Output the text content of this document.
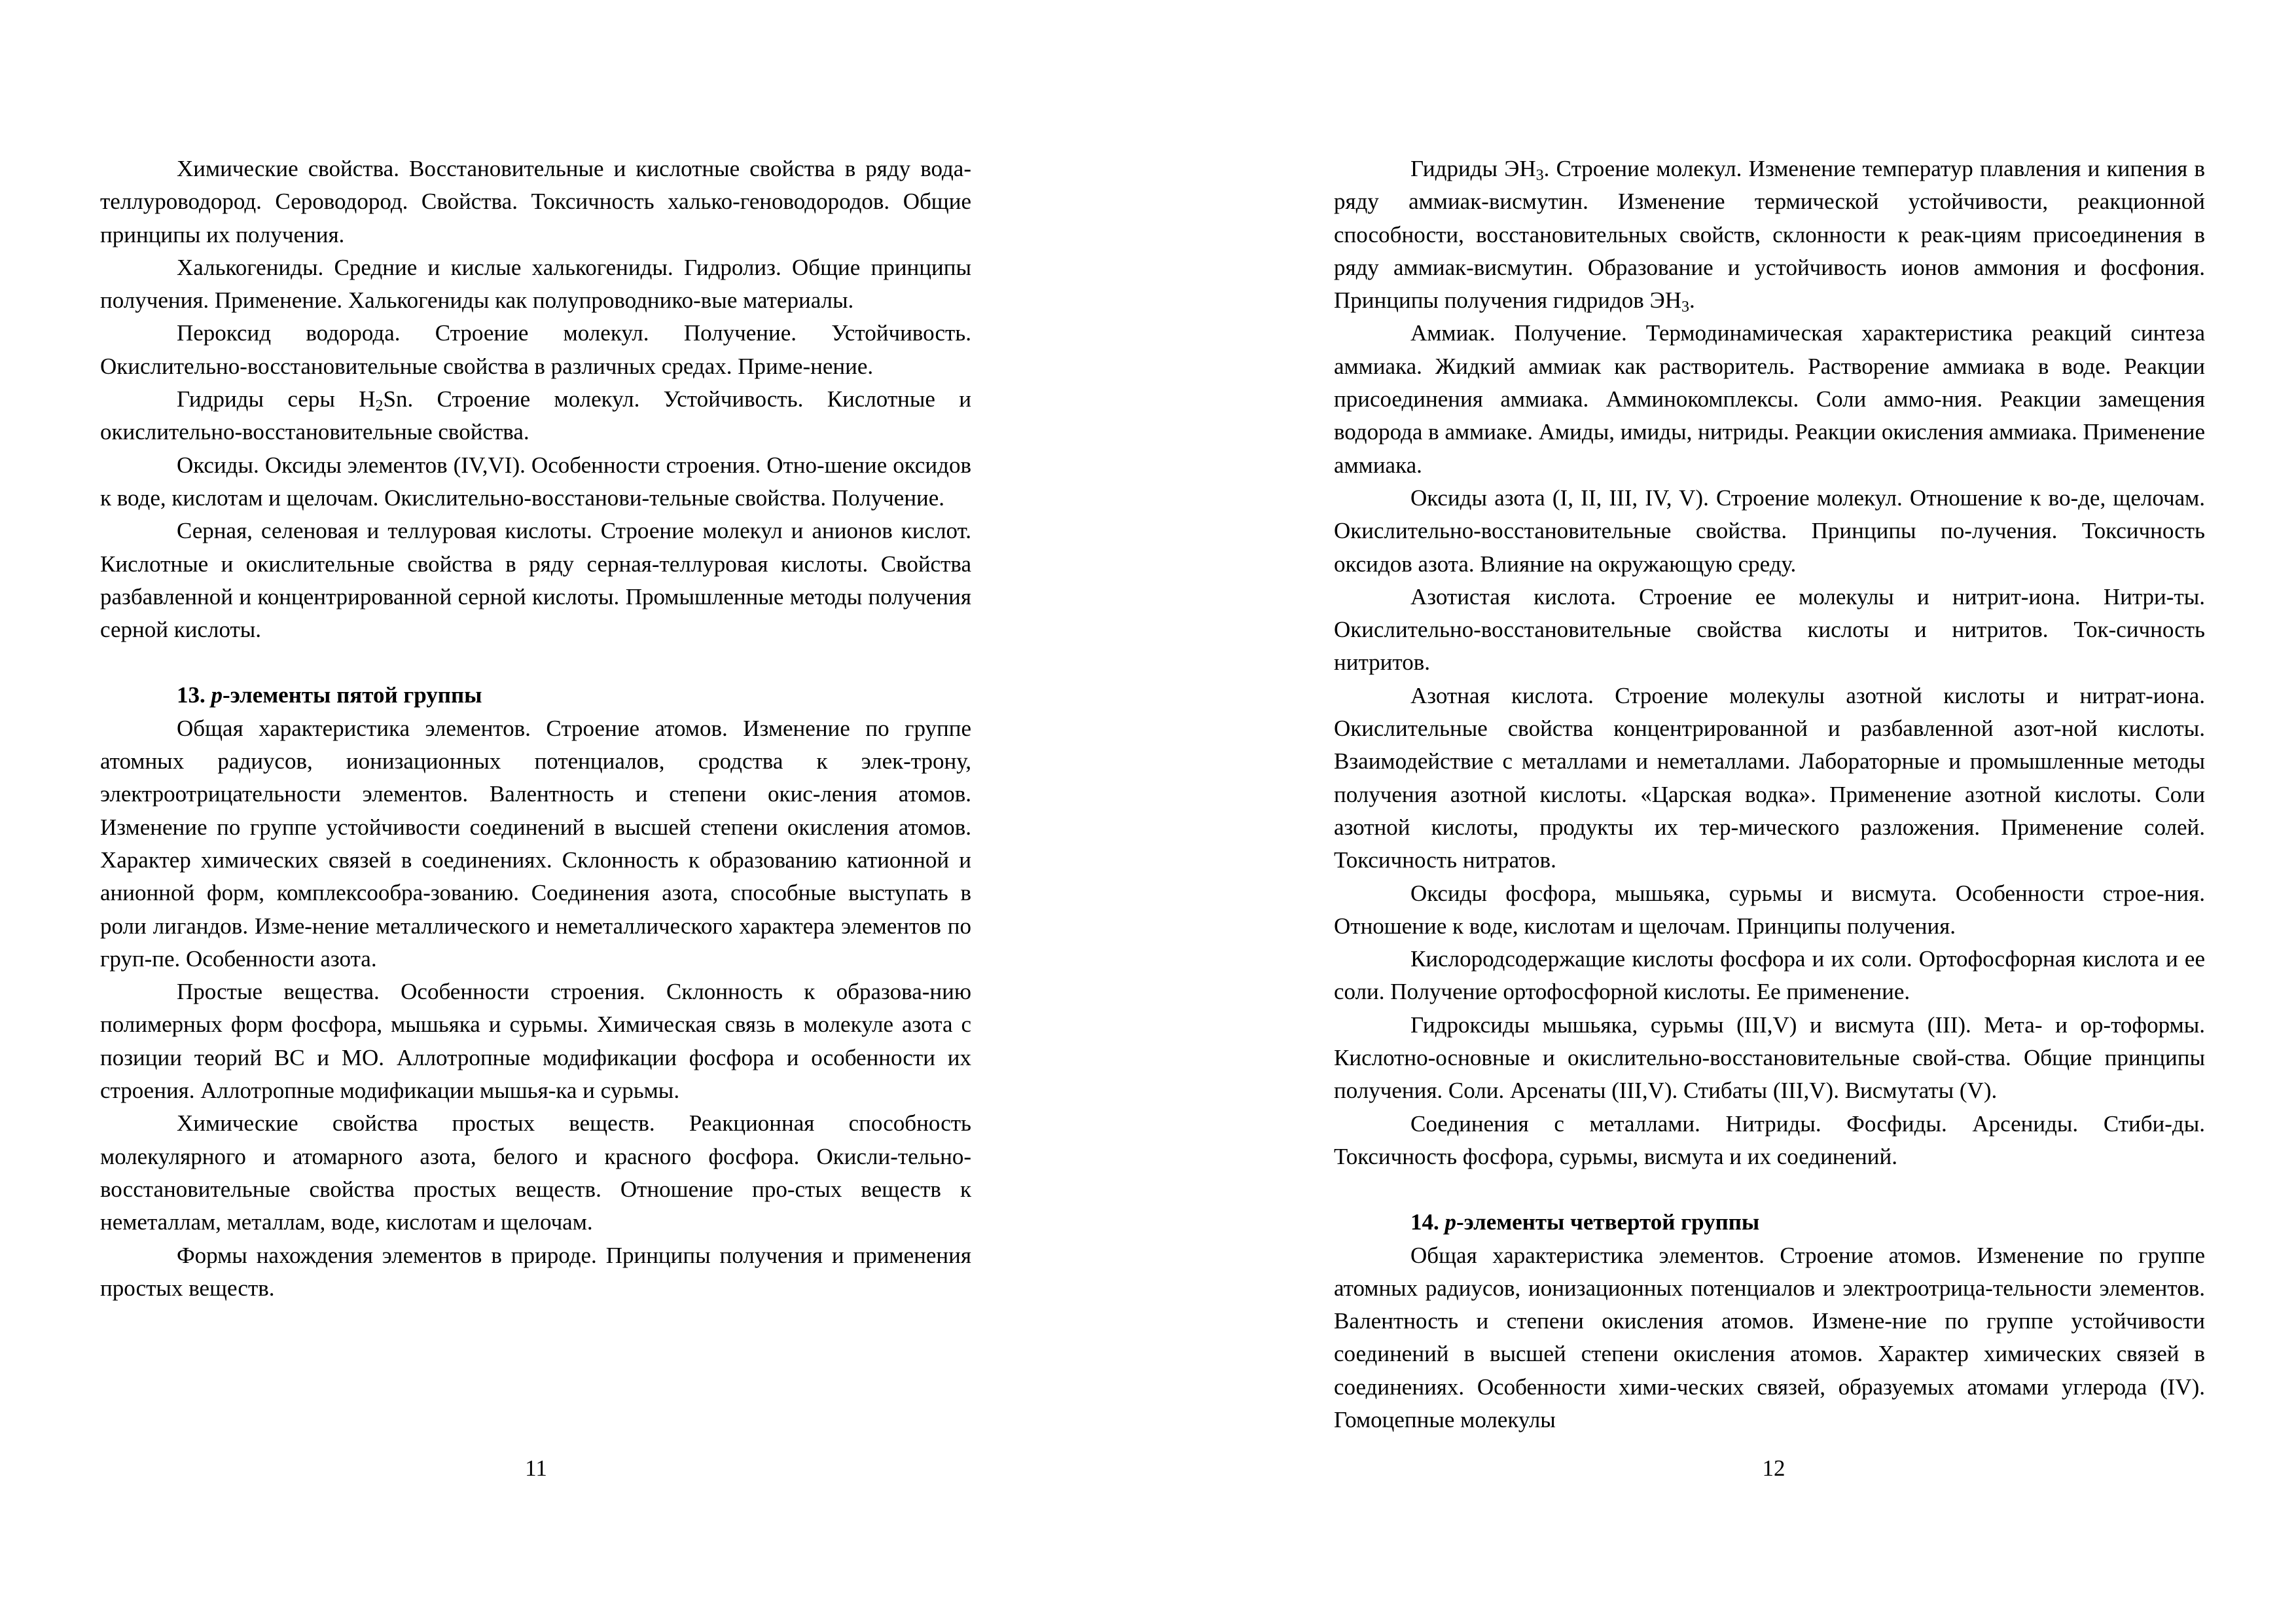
Химические свойства. Восстановительные и кислотные свойства в ряду вода-теллуроводород. Сероводород. Свойства. Токсичность халько-геноводородов. Общие принципы их получения.

Халькогениды. Средние и кислые халькогениды. Гидролиз. Общие принципы получения. Применение. Халькогениды как полупроводнико-вые материалы.

Пероксид водорода. Строение молекул. Получение. Устойчивость. Окислительно-восстановительные свойства в различных средах. Приме-нение.

Гидриды серы $H_2Sn$. Строение молекул. Устойчивость. Кислотные и окислительно-восстановительные свойства.

Оксиды. Оксиды элементов (IV,VI). Особенности строения. Отно-шение оксидов к воде, кислотам и щелочам. Окислительно-восстанови-тельные свойства. Получение.

Серная, селеновая и теллуровая кислоты. Строение молекул и анионов кислот. Кислотные и окислительные свойства в ряду серная-теллуровая кислоты. Свойства разбавленной и концентрированной серной кислоты. Промышленные методы получения серной кислоты.

13. p-элементы пятой группы

Общая характеристика элементов. Строение атомов. Изменение по группе атомных радиусов, ионизационных потенциалов, сродства к элек-трону, электроотрицательности элементов. Валентность и степени окис-ления атомов. Изменение по группе устойчивости соединений в высшей степени окисления атомов. Характер химических связей в соединениях. Склонность к образованию катионной и анионной форм, комплексообра-зованию. Соединения азота, способные выступать в роли лигандов. Изме-нение металлического и неметаллического характера элементов по груп-пе. Особенности азота.

Простые вещества. Особенности строения. Склонность к образова-нию полимерных форм фосфора, мышьяка и сурьмы. Химическая связь в молекуле азота с позиции теорий ВС и МО. Аллотропные модификации фосфора и особенности их строения. Аллотропные модификации мышья-ка и сурьмы.

Химические свойства простых веществ. Реакционная способность молекулярного и атомарного азота, белого и красного фосфора. Окисли-тельно-восстановительные свойства простых веществ. Отношение про-стых веществ к неметаллам, металлам, воде, кислотам и щелочам.

Формы нахождения элементов в природе. Принципы получения и применения простых веществ.

11

Гидриды $ЭН_3$. Строение молекул. Изменение температур плавления и кипения в ряду аммиак-висмутин. Изменение термической устойчивости, реакционной способности, восстановительных свойств, склонности к реак-циям присоединения в ряду аммиак-висмутин. Образование и устойчивость ионов аммония и фосфония. Принципы получения гидридов $ЭН_3$.

Аммиак. Получение. Термодинамическая характеристика реакций синтеза аммиака. Жидкий аммиак как растворитель. Растворение аммиака в воде. Реакции присоединения аммиака. Амминокомплексы. Соли аммо-ния. Реакции замещения водорода в аммиаке. Амиды, имиды, нитриды. Реакции окисления аммиака. Применение аммиака.

Оксиды азота (I, II, III, IV, V). Строение молекул. Отношение к во-де, щелочам. Окислительно-восстановительные свойства. Принципы по-лучения. Токсичность оксидов азота. Влияние на окружающую среду.

Азотистая кислота. Строение ее молекулы и нитрит-иона. Нитри-ты. Окислительно-восстановительные свойства кислоты и нитритов. Ток-сичность нитритов.

Азотная кислота. Строение молекулы азотной кислоты и нитрат-иона. Окислительные свойства концентрированной и разбавленной азот-ной кислоты. Взаимодействие с металлами и неметаллами. Лабораторные и промышленные методы получения азотной кислоты. «Царская водка». Применение азотной кислоты. Соли азотной кислоты, продукты их тер-мического разложения. Применение солей. Токсичность нитратов.

Оксиды фосфора, мышьяка, сурьмы и висмута. Особенности строе-ния. Отношение к воде, кислотам и щелочам. Принципы получения.

Кислородсодержащие кислоты фосфора и их соли. Ортофосфорная кислота и ее соли. Получение ортофосфорной кислоты. Ее применение.

Гидроксиды мышьяка, сурьмы (III,V) и висмута (III). Мета- и ор-тоформы. Кислотно-основные и окислительно-восстановительные свой-ства. Общие принципы получения. Соли. Арсенаты (III,V). Стибаты (III,V). Висмутаты (V).

Соединения с металлами. Нитриды. Фосфиды. Арсениды. Стиби-ды. Токсичность фосфора, сурьмы, висмута и их соединений.

14. p-элементы четвертой группы

Общая характеристика элементов. Строение атомов. Изменение по группе атомных радиусов, ионизационных потенциалов и электроотрица-тельности элементов. Валентность и степени окисления атомов. Измене-ние по группе устойчивости соединений в высшей степени окисления атомов. Характер химических связей в соединениях. Особенности хими-ческих связей, образуемых атомами углерода (IV). Гомоцепные молекулы

12
